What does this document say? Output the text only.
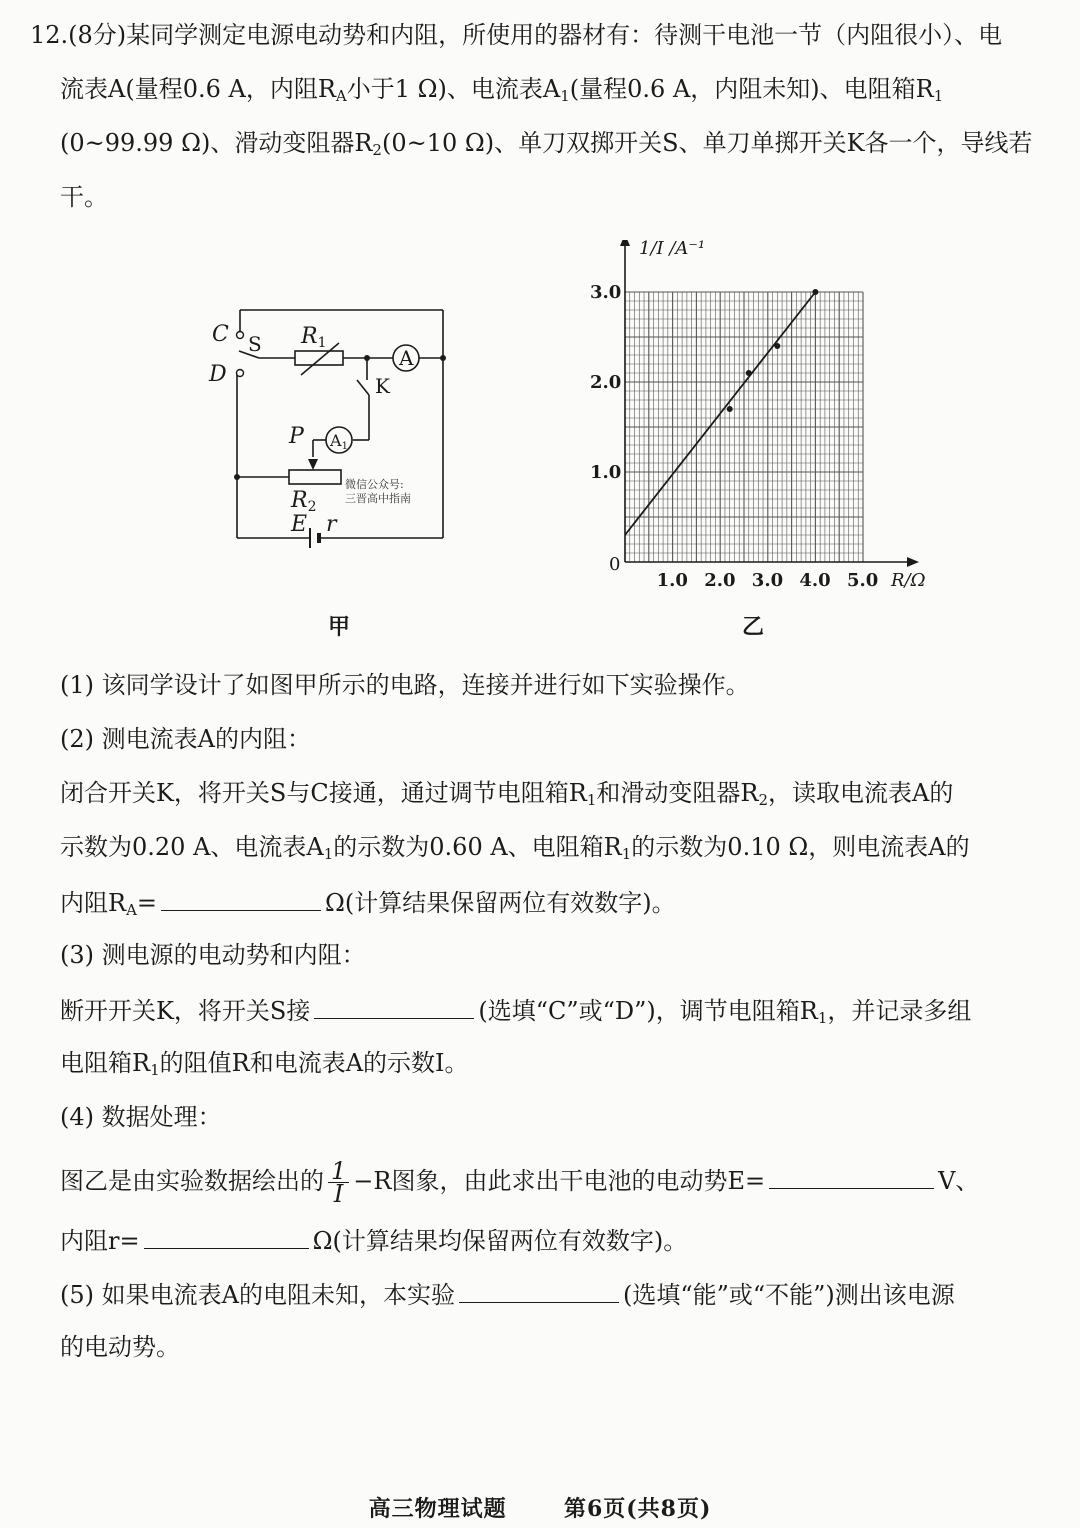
12.(8分)某同学测定电源电动势和内阻，所使用的器材有：待测干电池一节（内阻很小）、电
流表A(量程0.6 A，内阻$R_A$小于1 Ω)、电流表$A_1$(量程0.6 A，内阻未知)、电阻箱$R_1$
(0~99.99 Ω)、滑动变阻器$R_2(0\sim 10$ Ω)、单刀双掷开关S、单刀单掷开关K各一个，导线若
干。
C
D
R1
P
R2
E r
S
K
A
A1
微信公众号:
三晋高中指南
甲
1.0 2.0 3.0 4.0 5.0
1.0
2.0
3.0
0
R/Ω
1/I /A⁻¹
乙
(1) 该同学设计了如图甲所示的电路，连接并进行如下实验操作。
(2) 测电流表A的内阻：
闭合开关K，将开关S与C接通，通过调节电阻箱$R_1$和滑动变阻器$R_2$，读取电流表A的
示数为0.20 A、电流表$A_1$的示数为0.60 A、电阻箱$R_1$的示数为0.10 Ω，则电流表A的
内阻$R_A=$	Ω(计算结果保留两位有效数字)。
(3) 测电源的电动势和内阻：
断开开关K，将开关S接	(选填“C”或“D”)，调节电阻箱$R_1$，并记录多组
电阻箱$R_1$的阻值R和电流表A的示数I。
(4) 数据处理：
图乙是由实验数据绘出的 $\frac{1}{I} -R$图象，由此求出干电池的电动势E=	V、
内阻r=	Ω(计算结果均保留两位有效数字)。
(5) 如果电流表A的电阻未知，本实验	(选填“能”或“不能”)测出该电源
的电动势。
高三物理试题	第6页(共8页)
